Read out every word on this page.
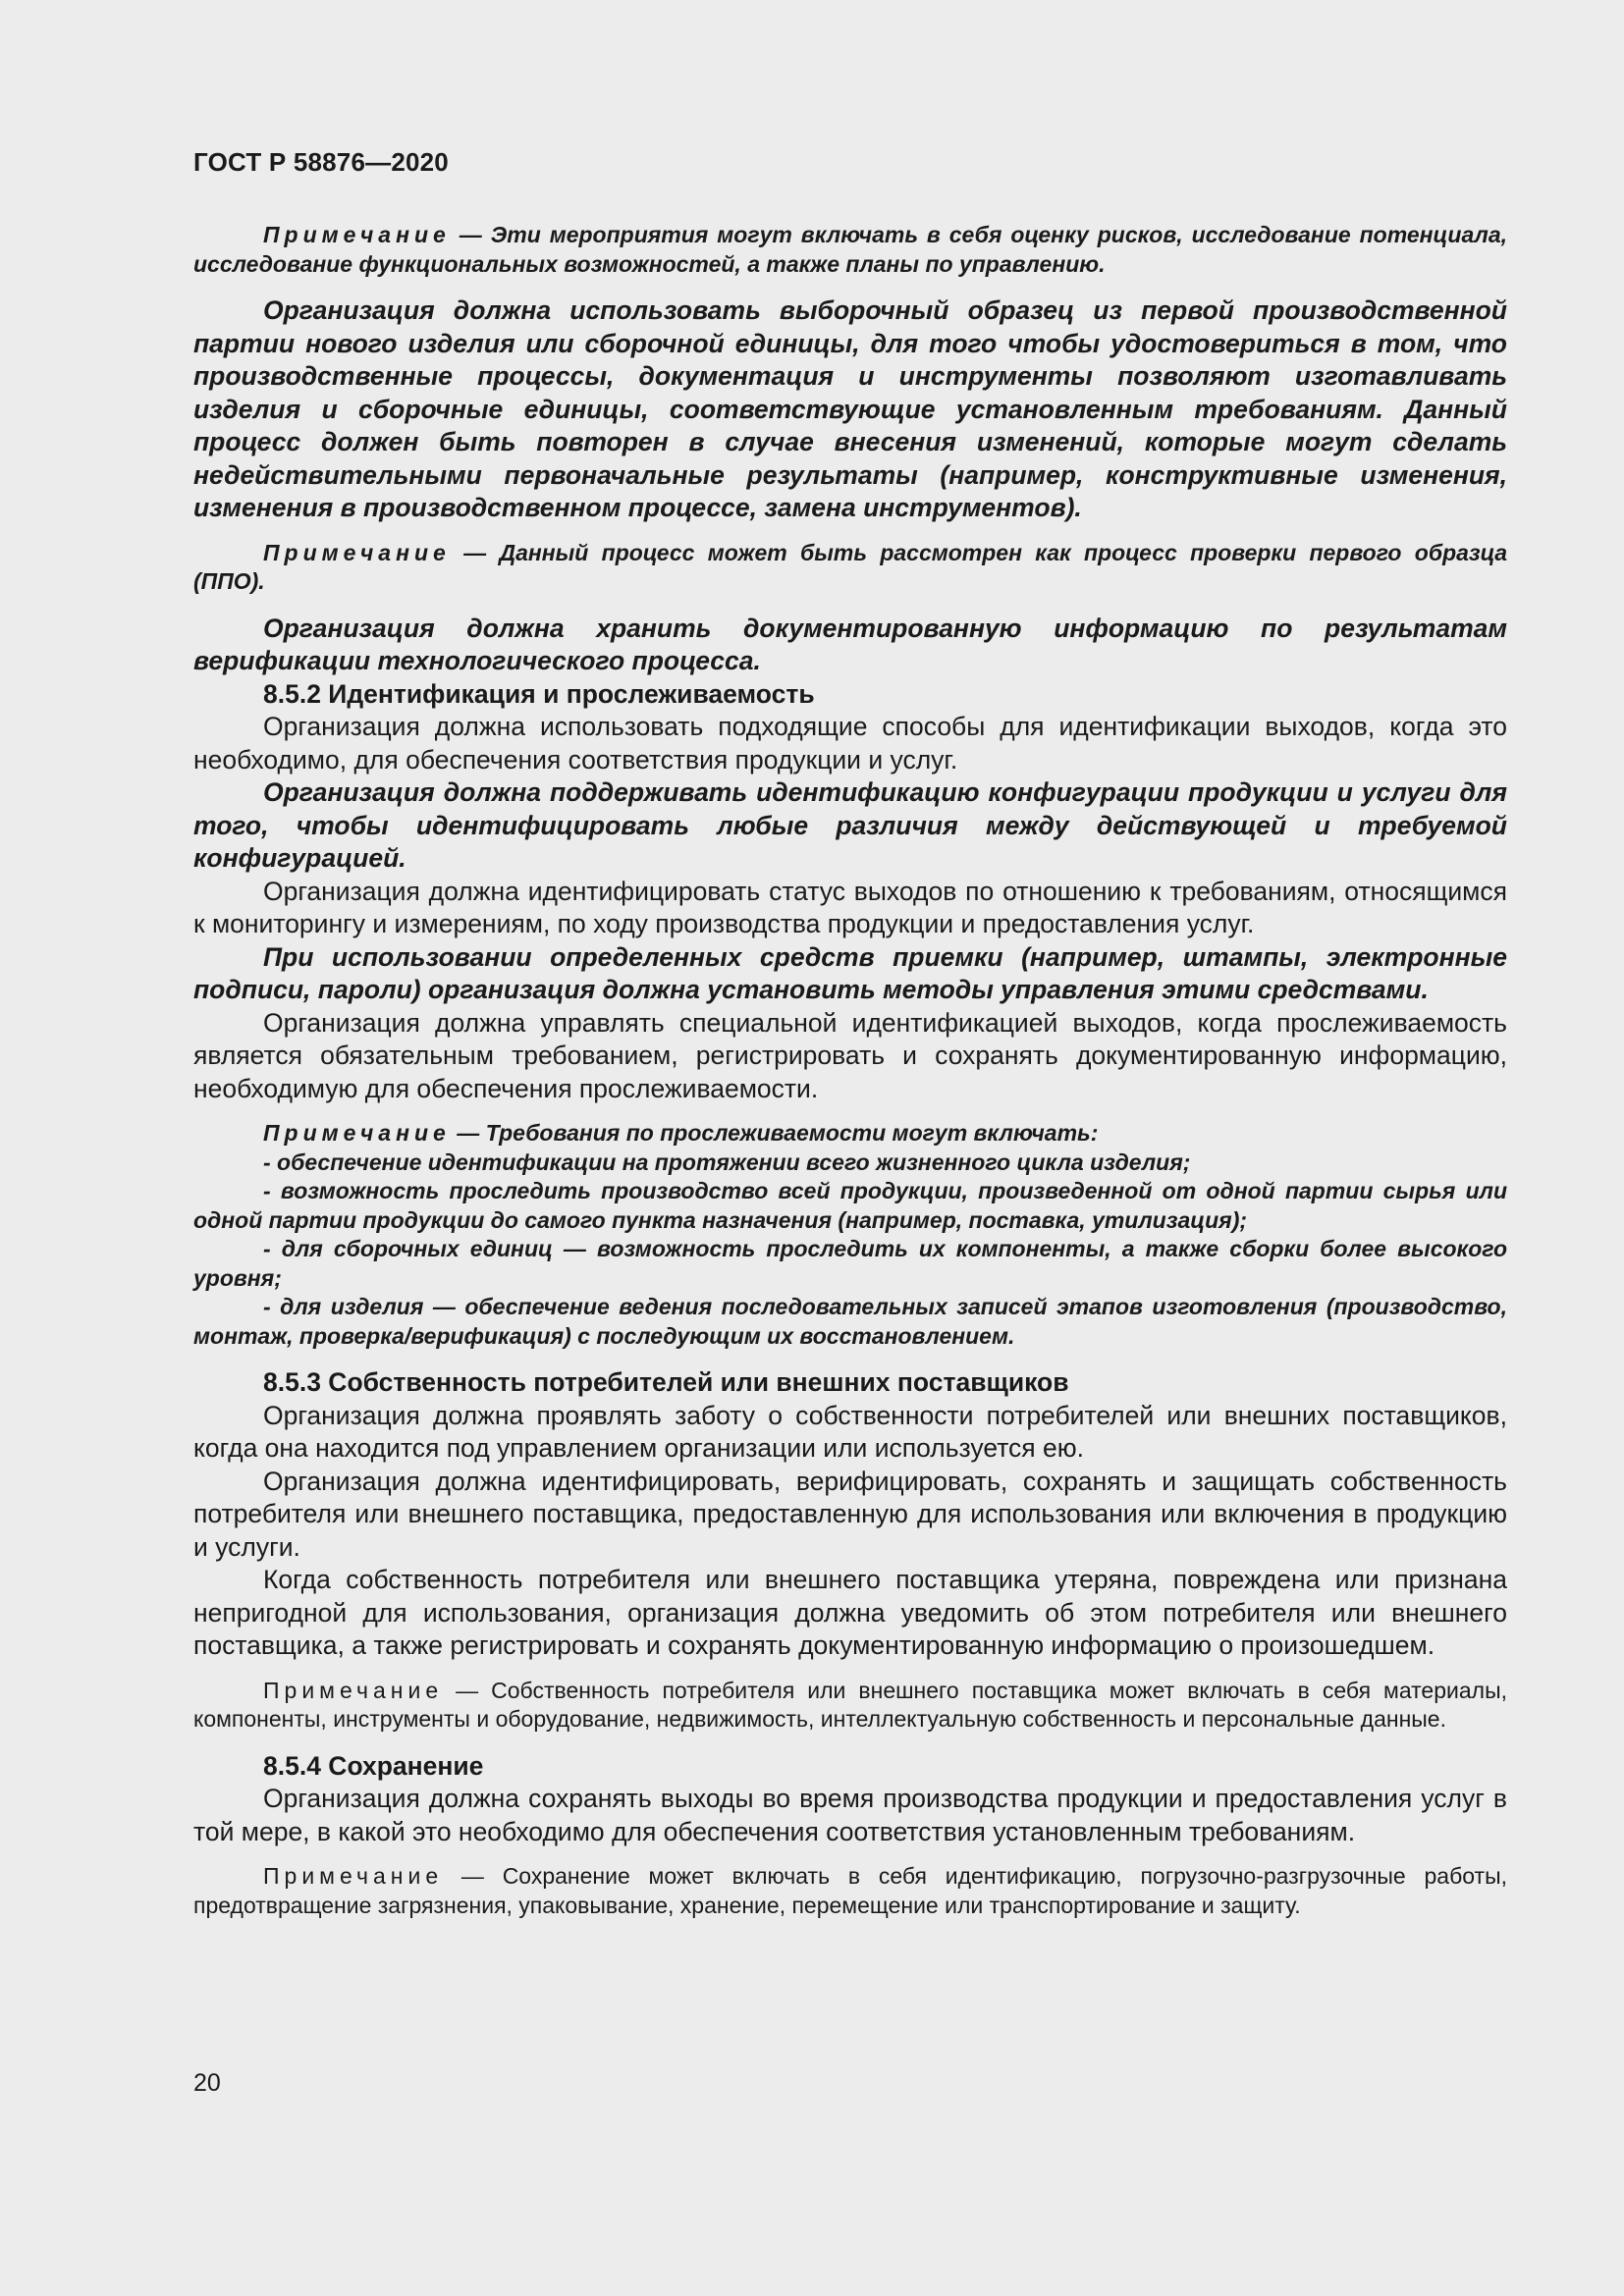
ГОСТ Р 58876—2020

Примечание — Эти мероприятия могут включать в себя оценку рисков, исследование потенциала, исследование функциональных возможностей, а также планы по управлению.

Организация должна использовать выборочный образец из первой производственной партии нового изделия или сборочной единицы, для того чтобы удостовериться в том, что производственные процессы, документация и инструменты позволяют изготавливать изделия и сборочные единицы, соответствующие установленным требованиям. Данный процесс должен быть повторен в случае внесения изменений, которые могут сделать недействительными первоначальные результаты (например, конструктивные изменения, изменения в производственном процессе, замена инструментов).

Примечание — Данный процесс может быть рассмотрен как процесс проверки первого образца (ППО).

Организация должна хранить документированную информацию по результатам верификации технологического процесса.

8.5.2 Идентификация и прослеживаемость

Организация должна использовать подходящие способы для идентификации выходов, когда это необходимо, для обеспечения соответствия продукции и услуг.

Организация должна поддерживать идентификацию конфигурации продукции и услуги для того, чтобы идентифицировать любые различия между действующей и требуемой конфигурацией.

Организация должна идентифицировать статус выходов по отношению к требованиям, относящимся к мониторингу и измерениям, по ходу производства продукции и предоставления услуг.

При использовании определенных средств приемки (например, штампы, электронные подписи, пароли) организация должна установить методы управления этими средствами.

Организация должна управлять специальной идентификацией выходов, когда прослеживаемость является обязательным требованием, регистрировать и сохранять документированную информацию, необходимую для обеспечения прослеживаемости.

Примечание — Требования по прослеживаемости могут включать:

- обеспечение идентификации на протяжении всего жизненного цикла изделия;

- возможность проследить производство всей продукции, произведенной от одной партии сырья или одной партии продукции до самого пункта назначения (например, поставка, утилизация);

- для сборочных единиц — возможность проследить их компоненты, а также сборки более высокого уровня;

- для изделия — обеспечение ведения последовательных записей этапов изготовления (производство, монтаж, проверка/верификация) с последующим их восстановлением.

8.5.3 Собственность потребителей или внешних поставщиков

Организация должна проявлять заботу о собственности потребителей или внешних поставщиков, когда она находится под управлением организации или используется ею.

Организация должна идентифицировать, верифицировать, сохранять и защищать собственность потребителя или внешнего поставщика, предоставленную для использования или включения в продукцию и услуги.

Когда собственность потребителя или внешнего поставщика утеряна, повреждена или признана непригодной для использования, организация должна уведомить об этом потребителя или внешнего поставщика, а также регистрировать и сохранять документированную информацию о произошедшем.

Примечание — Собственность потребителя или внешнего поставщика может включать в себя материалы, компоненты, инструменты и оборудование, недвижимость, интеллектуальную собственность и персональные данные.

8.5.4 Сохранение

Организация должна сохранять выходы во время производства продукции и предоставления услуг в той мере, в какой это необходимо для обеспечения соответствия установленным требованиям.

Примечание — Сохранение может включать в себя идентификацию, погрузочно-разгрузочные работы, предотвращение загрязнения, упаковывание, хранение, перемещение или транспортирование и защиту.

20
